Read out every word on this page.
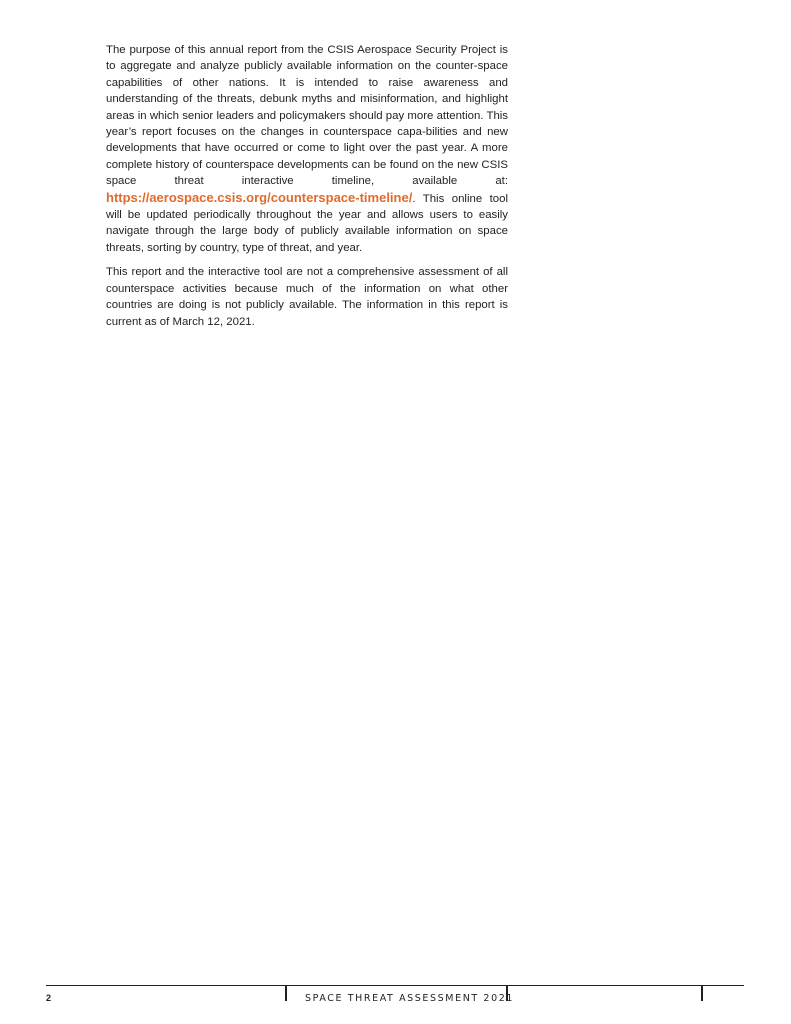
The purpose of this annual report from the CSIS Aerospace Security Project is to aggregate and analyze publicly available information on the counter-space capabilities of other nations. It is intended to raise awareness and understanding of the threats, debunk myths and misinformation, and highlight areas in which senior leaders and policymakers should pay more attention. This year’s report focuses on the changes in counterspace capa-bilities and new developments that have occurred or come to light over the past year. A more complete history of counterspace developments can be found on the new CSIS space threat interactive timeline, available at: https://aerospace.csis.org/counterspace-timeline/. This online tool will be updated periodically throughout the year and allows users to easily navigate through the large body of publicly available information on space threats, sorting by country, type of threat, and year.

This report and the interactive tool are not a comprehensive assessment of all counterspace activities because much of the information on what other countries are doing is not publicly available. The information in this report is current as of March 12, 2021.

2	SPACE THREAT ASSESSMENT 2021
